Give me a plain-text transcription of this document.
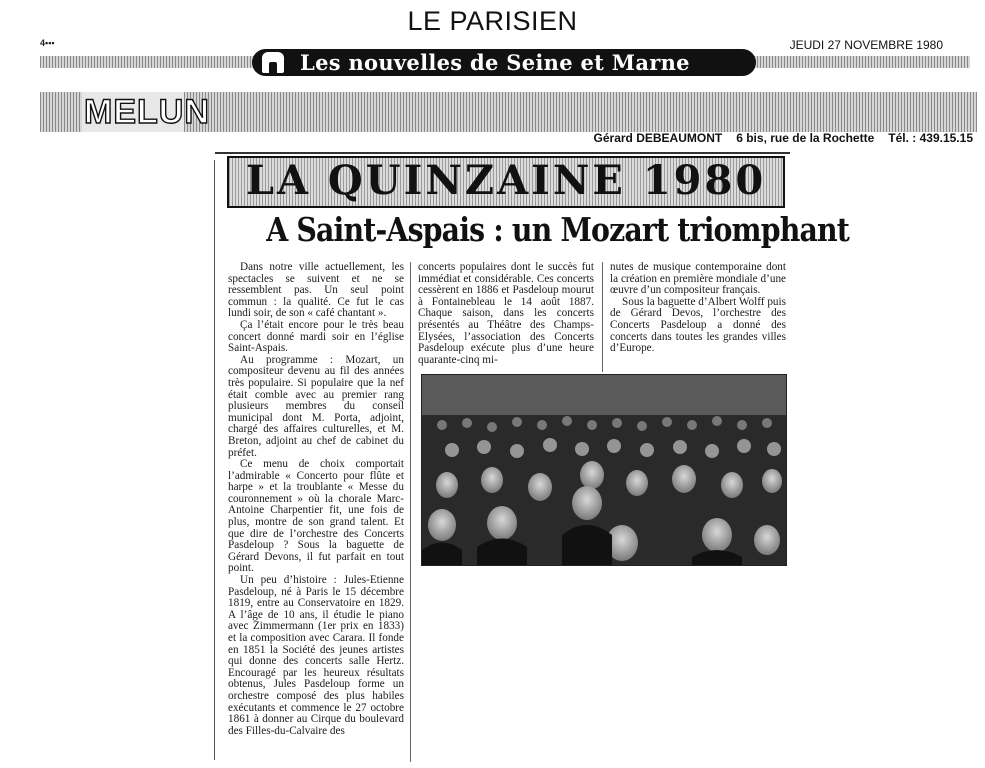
LE PARISIEN
4▪▪▪	JEUDI 27 NOVEMBRE 1980
Les nouvelles de Seine et Marne
MELUN
Gérard DEBEAUMONT 6 bis, rue de la Rochette Tél. : 439.15.15
LA QUINZAINE 1980
A Saint-Aspais : un Mozart triomphant

Dans notre ville actuellement, les spectacles se suivent et ne se ressemblent pas. Un seul point commun : la qualité. Ce fut le cas lundi soir, de son « café chantant ».

Ça l’était encore pour le très beau concert donné mardi soir en l’église Saint-Aspais.

Au programme : Mozart, un compositeur devenu au fil des années très populaire. Si populaire que la nef était comble avec au premier rang plusieurs membres du conseil municipal dont M. Porta, adjoint, chargé des affaires culturelles, et M. Breton, adjoint au chef de cabinet du préfet.

Ce menu de choix comportait l’admirable « Concerto pour flûte et harpe » et la troublante « Messe du couronnement » où la chorale Marc-Antoine Charpentier fit, une fois de plus, montre de son grand talent. Et que dire de l’orchestre des Concerts Pasdeloup ? Sous la baguette de Gérard Devons, il fut parfait en tout point.

Un peu d’histoire : Jules-Etienne Pasdeloup, né à Paris le 15 décembre 1819, entre au Conservatoire en 1829. A l’âge de 10 ans, il étudie le piano avec Zimmermann (1er prix en 1833) et la composition avec Carara. Il fonde en 1851 la Société des jeunes artistes qui donne des concerts salle Hertz. Encouragé par les heureux résultats obtenus, Jules Pasdeloup forme un orchestre composé des plus habiles exécutants et commence le 27 octobre 1861 à donner au Cirque du boulevard des Filles-du-Calvaire des

concerts populaires dont le succès fut immédiat et considérable. Ces concerts cessèrent en 1886 et Pasdeloup mourut à Fontainebleau le 14 août 1887. Chaque saison, dans les concerts présentés au Théâtre des Champs-Elysées, l’association des Concerts Pasdeloup exécute plus d’une heure quarante-cinq mi-

nutes de musique contemporaine dont la création en première mondiale d’une œuvre d’un compositeur français.

Sous la baguette d’Albert Wolff puis de Gérard Devos, l’orchestre des Concerts Pasdeloup a donné des concerts dans toutes les grandes villes d’Europe.
